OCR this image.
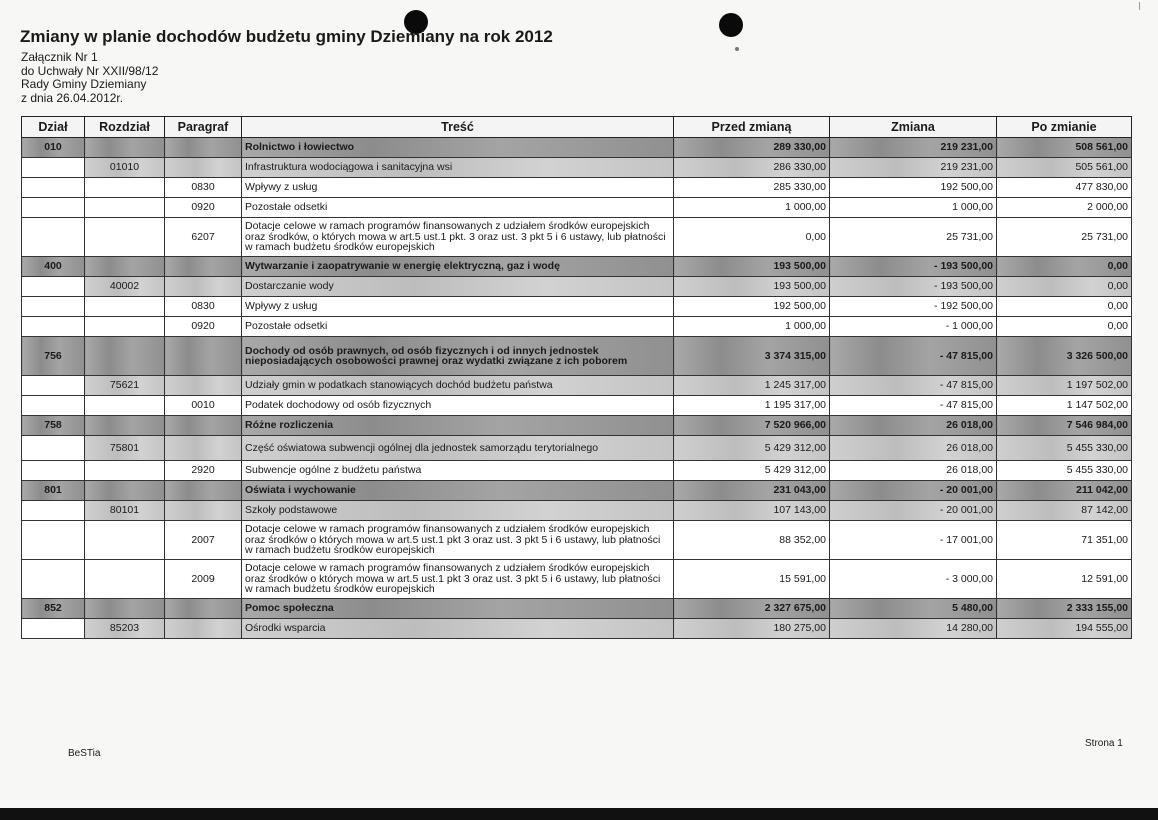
Zmiany w planie dochodów budżetu gminy Dziemiany na rok 2012
Załącznik Nr 1
do Uchwały Nr XXII/98/12
Rady Gminy Dziemiany
z dnia 26.04.2012r.
Dział	Rozdział	Paragraf	Treść	Przed zmianą	Zmiana	Po zmianie
010			Rolnictwo i łowiectwo	289 330,00	219 231,00	508 561,00
	01010		Infrastruktura wodociągowa i sanitacyjna wsi	286 330,00	219 231,00	505 561,00
		0830	Wpływy z usług	285 330,00	192 500,00	477 830,00
		0920	Pozostałe odsetki	1 000,00	1 000,00	2 000,00
		6207	Dotacje celowe w ramach programów finansowanych z udziałem środków europejskich oraz środków, o których mowa w art.5 ust.1 pkt. 3 oraz ust. 3 pkt 5 i 6 ustawy, lub płatności w ramach budżetu środków europejskich	0,00	25 731,00	25 731,00
400			Wytwarzanie i zaopatrywanie w energię elektryczną, gaz i wodę	193 500,00	- 193 500,00	0,00
	40002		Dostarczanie wody	193 500,00	- 193 500,00	0,00
		0830	Wpływy z usług	192 500,00	- 192 500,00	0,00
		0920	Pozostałe odsetki	1 000,00	- 1 000,00	0,00
756			Dochody od osób prawnych, od osób fizycznych i od innych jednostek nieposiadających osobowości prawnej oraz wydatki związane z ich poborem	3 374 315,00	- 47 815,00	3 326 500,00
	75621		Udziały gmin w podatkach stanowiących dochód budżetu państwa	1 245 317,00	- 47 815,00	1 197 502,00
		0010	Podatek dochodowy od osób fizycznych	1 195 317,00	- 47 815,00	1 147 502,00
758			Różne rozliczenia	7 520 966,00	26 018,00	7 546 984,00
	75801		Część oświatowa subwencji ogólnej dla jednostek samorządu terytorialnego	5 429 312,00	26 018,00	5 455 330,00
		2920	Subwencje ogólne z budżetu państwa	5 429 312,00	26 018,00	5 455 330,00
801			Oświata i wychowanie	231 043,00	- 20 001,00	211 042,00
	80101		Szkoły podstawowe	107 143,00	- 20 001,00	87 142,00
		2007	Dotacje celowe w ramach programów finansowanych z udziałem środków europejskich oraz środków o których mowa w art.5 ust.1 pkt 3 oraz ust. 3 pkt 5 i 6 ustawy, lub płatności w ramach budżetu środków europejskich	88 352,00	- 17 001,00	71 351,00
		2009	Dotacje celowe w ramach programów finansowanych z udziałem środków europejskich oraz środków o których mowa w art.5 ust.1 pkt 3 oraz ust. 3 pkt 5 i 6 ustawy, lub płatności w ramach budżetu środków europejskich	15 591,00	- 3 000,00	12 591,00
852			Pomoc społeczna	2 327 675,00	5 480,00	2 333 155,00
	85203		Ośrodki wsparcia	180 275,00	14 280,00	194 555,00
BeSTia
Strona 1
